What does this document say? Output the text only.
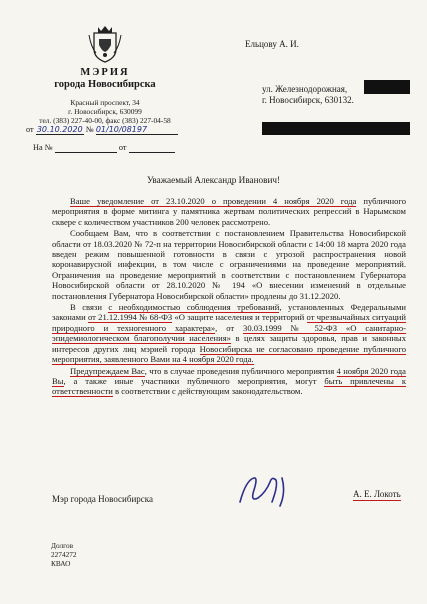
МЭРИЯ
города Новосибирска
Красный проспект, 34
г. Новосибирск, 630099
тел. (383) 227-40-00, факс (383) 227-04-58
от 30.10.2020 № 01/10/08197
На №	от
Ельцову А. И.
ул. Железнодорожная,
г. Новосибирск, 630132.
Уважаемый Александр Иванович!
Ваше уведомление от 23.10.2020 о проведении 4 ноября 2020 года публичного мероприятия в форме митинга у памятника жертвам политических репрессий в Нарымском сквере с количеством участников 200 человек рассмотрено.
Сообщаем Вам, что в соответствии с постановлением Правительства Новосибирской области от 18.03.2020 № 72-п на территории Новосибирской области с 14:00 18 марта 2020 года введен режим повышенной готовности в связи с угрозой распространения новой коронавирусной инфекции, в том числе с ограничениями на проведение мероприятий. Ограничения на проведение мероприятий в соответствии с постановлением Губернатора Новосибирской области от 28.10.2020 № 194 «О внесении изменений в отдельные постановления Губернатора Новосибирской области» продлены до 31.12.2020.
В связи с необходимостью соблюдения требований, установленных Федеральными законами от 21.12.1994 № 68-ФЗ «О защите населения и территорий от чрезвычайных ситуаций природного и техногенного характера», от 30.03.1999 № 52-ФЗ «О санитарно-эпидемиологическом благополучии населения» в целях защиты здоровья, прав и законных интересов других лиц мэрией города Новосибирска не согласовано проведение публичного мероприятия, заявленного Вами на 4 ноября 2020 года.
Предупреждаем Вас, что в случае проведения публичного мероприятия 4 ноября 2020 года Вы, а также иные участники публичного мероприятия, могут быть привлечены к ответственности в соответствии с действующим законодательством.
Мэр города Новосибирска	А. Е. Локоть
Долгов
2274272
КВАО
